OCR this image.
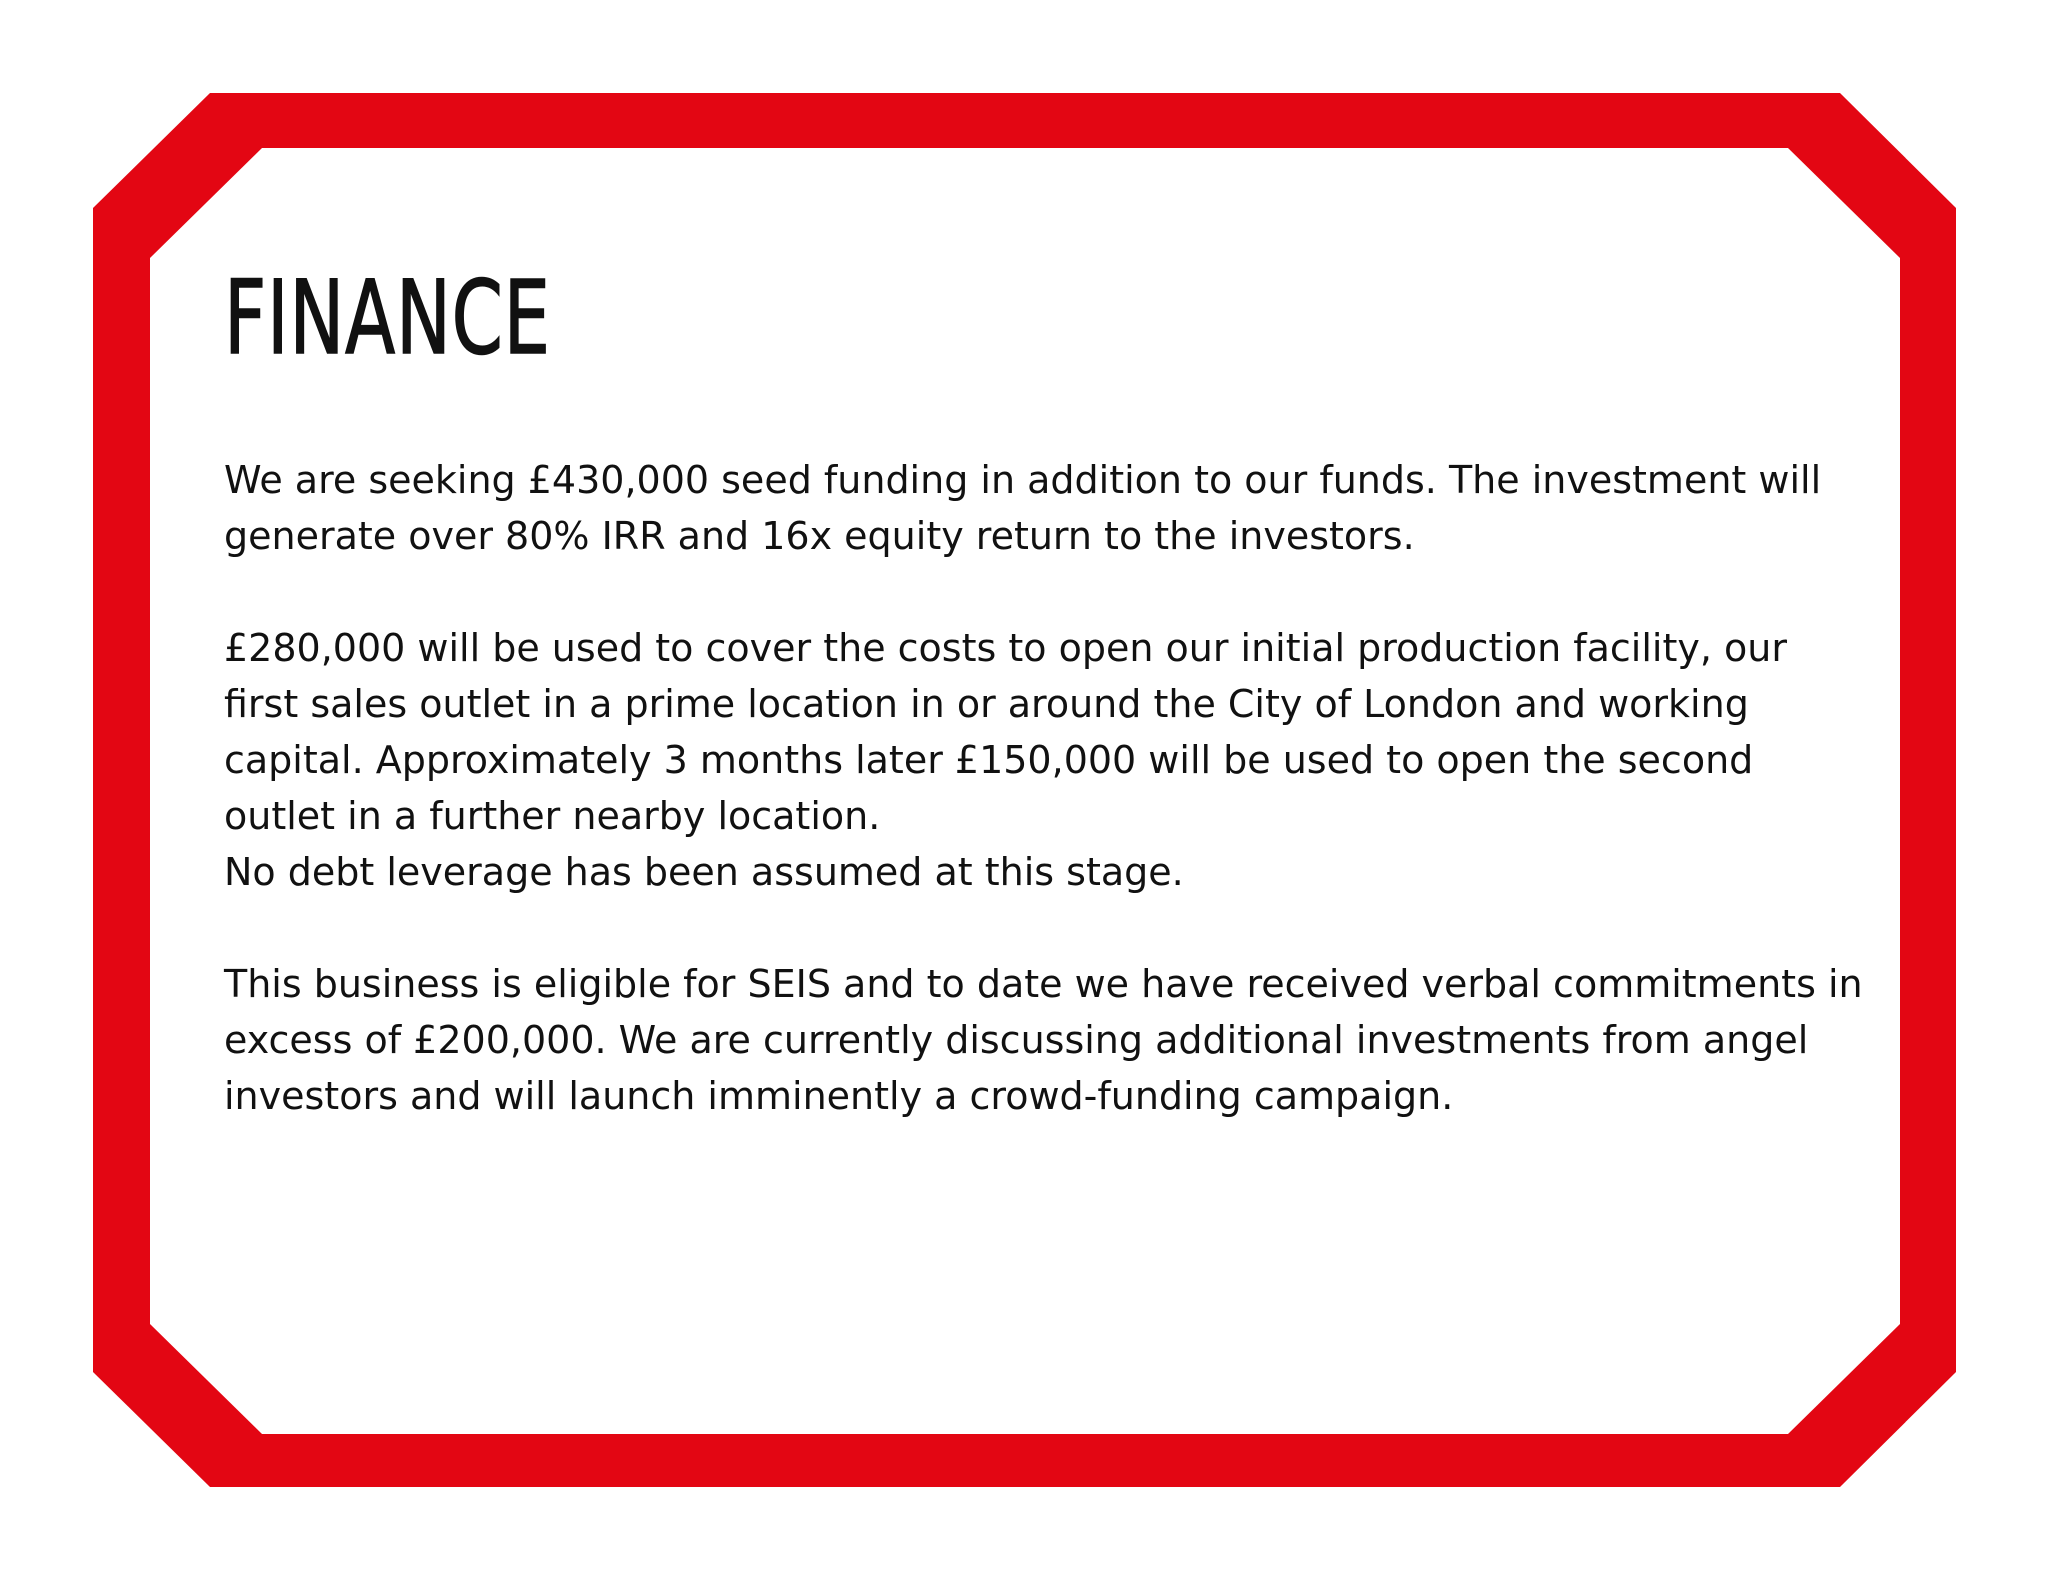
FINANCE
We are seeking £430,000 seed funding in addition to our funds. The investment will
generate over 80% IRR and 16x equity return to the investors.
£280,000 will be used to cover the costs to open our initial production facility, our
first sales outlet in a prime location in or around the City of London and working
capital. Approximately 3 months later £150,000 will be used to open the second
outlet in a further nearby location.
No debt leverage has been assumed at this stage.
This business is eligible for SEIS and to date we have received verbal commitments in
excess of £200,000. We are currently discussing additional investments from angel
investors and will launch imminently a crowd-funding campaign.
